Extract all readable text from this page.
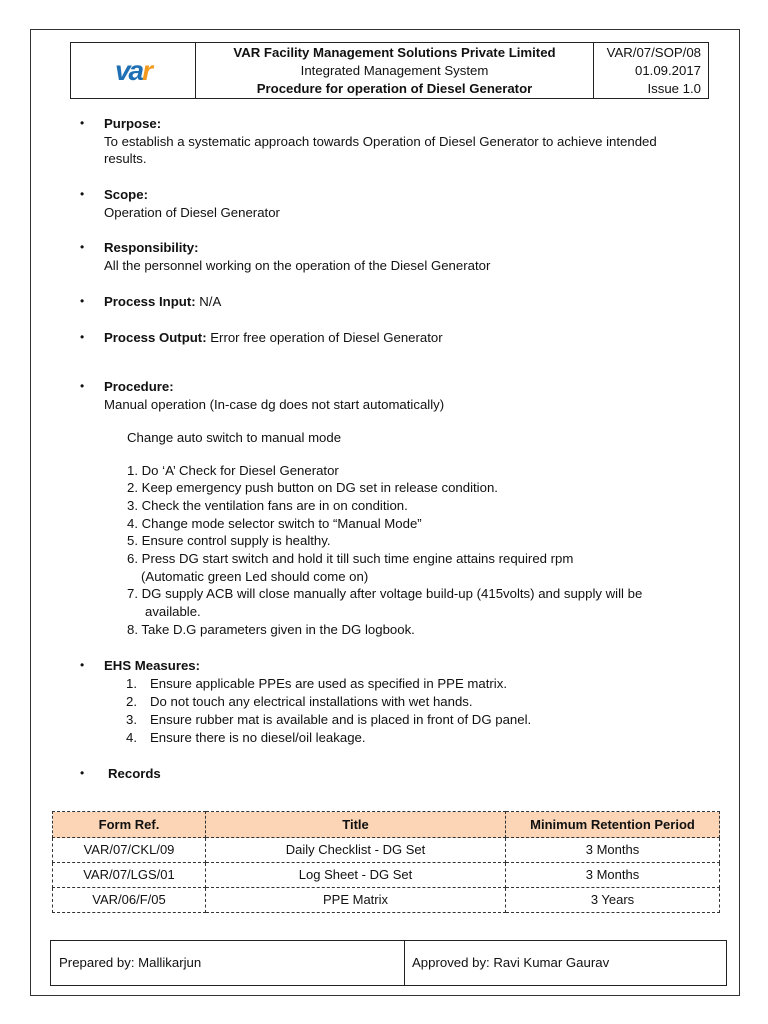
var
VAR Facility Management Solutions Private Limited
Integrated Management System
Procedure for operation of Diesel Generator
VAR/07/SOP/08
01.09.2017
Issue 1.0
• Purpose:
To establish a systematic approach towards Operation of Diesel Generator to achieve intended
results.
• Scope:
Operation of Diesel Generator
• Responsibility:
All the personnel working on the operation of the Diesel Generator
• Process Input: N/A
• Process Output: Error free operation of Diesel Generator
• Procedure:
Manual operation (In-case dg does not start automatically)
Change auto switch to manual mode
1. Do ‘A’ Check for Diesel Generator
2. Keep emergency push button on DG set in release condition.
3. Check the ventilation fans are in on condition.
4. Change mode selector switch to “Manual Mode”
5. Ensure control supply is healthy.
6. Press DG start switch and hold it till such time engine attains required rpm
(Automatic green Led should come on)
7. DG supply ACB will close manually after voltage build-up (415volts) and supply will be
available.
8. Take D.G parameters given in the DG logbook.
• EHS Measures:
1. Ensure applicable PPEs are used as specified in PPE matrix.
2. Do not touch any electrical installations with wet hands.
3. Ensure rubber mat is available and is placed in front of DG panel.
4. Ensure there is no diesel/oil leakage.
• Records
Form Ref.	Title	Minimum Retention Period
VAR/07/CKL/09	Daily Checklist - DG Set	3 Months
VAR/07/LGS/01	Log Sheet - DG Set	3 Months
VAR/06/F/05	PPE Matrix	3 Years
Prepared by: Mallikarjun	Approved by: Ravi Kumar Gaurav
